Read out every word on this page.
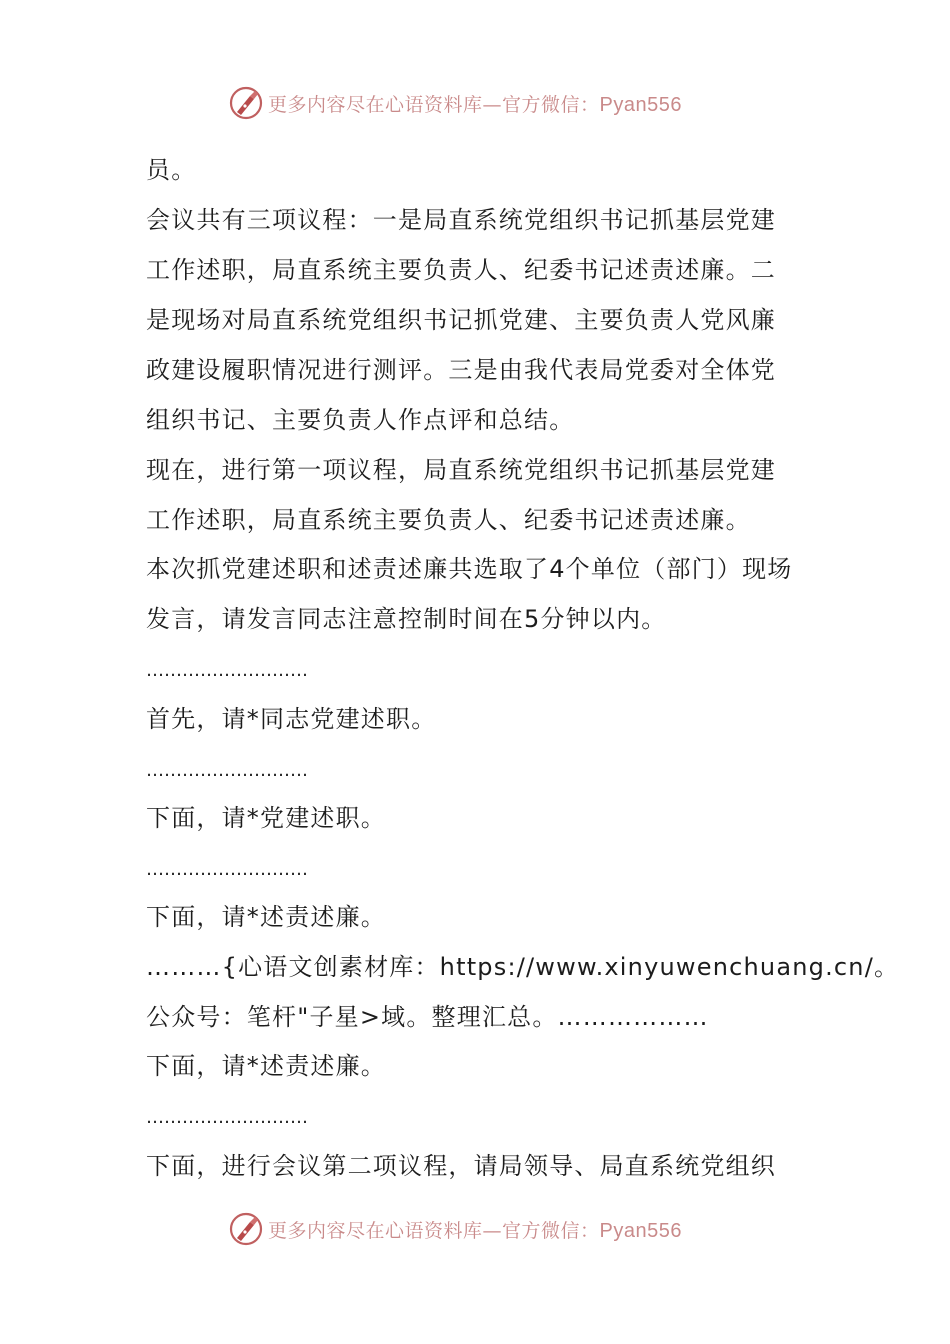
更多内容尽在心语资料库—官方微信：Pyan556
员。
会议共有三项议程：一是局直系统党组织书记抓基层党建
工作述职，局直系统主要负责人、纪委书记述责述廉。二
是现场对局直系统党组织书记抓党建、主要负责人党风廉
政建设履职情况进行测评。三是由我代表局党委对全体党
组织书记、主要负责人作点评和总结。
现在，进行第一项议程，局直系统党组织书记抓基层党建
工作述职，局直系统主要负责人、纪委书记述责述廉。
本次抓党建述职和述责述廉共选取了4个单位（部门）现场
发言，请发言同志注意控制时间在5分钟以内。
………………………
首先，请*同志党建述职。
………………………
下面，请*党建述职。
………………………
下面，请*述责述廉。
………{心语文创素材库：https://www.xinyuwenchuang.cn/。
公众号：笔杆"子星>域。整理汇总。………………
下面，请*述责述廉。
………………………
下面，进行会议第二项议程，请局领导、局直系统党组织
更多内容尽在心语资料库—官方微信：Pyan556
